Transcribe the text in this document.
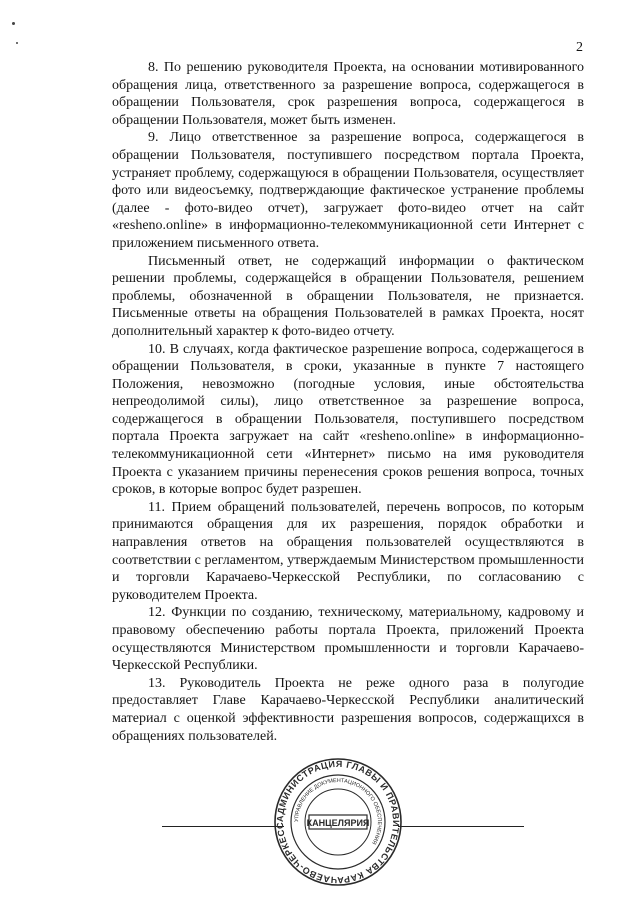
2

8. По решению руководителя Проекта, на основании мотивированного обращения лица, ответственного за разрешение вопроса, содержащегося в обращении Пользователя, срок разрешения вопроса, содержащегося в обращении Пользователя, может быть изменен.

9. Лицо ответственное за разрешение вопроса, содержащегося в обращении Пользователя, поступившего посредством портала Проекта, устраняет проблему, содержащуюся в обращении Пользователя, осуществляет фото или видеосъемку, подтверждающие фактическое устранение проблемы (далее - фото-видео отчет), загружает фото-видео отчет на сайт «resheno.online» в информационно-телекоммуникационной сети Интернет с приложением письменного ответа.

Письменный ответ, не содержащий информации о фактическом решении проблемы, содержащейся в обращении Пользователя, решением проблемы, обозначенной в обращении Пользователя, не признается. Письменные ответы на обращения Пользователей в рамках Проекта, носят дополнительный характер к фото-видео отчету.

10. В случаях, когда фактическое разрешение вопроса, содержащегося в обращении Пользователя, в сроки, указанные в пункте 7 настоящего Положения, невозможно (погодные условия, иные обстоятельства непреодолимой силы), лицо ответственное за разрешение вопроса, содержащегося в обращении Пользователя, поступившего посредством портала Проекта загружает на сайт «resheno.online» в информационно-телекоммуникационной сети «Интернет» письмо на имя руководителя Проекта с указанием причины перенесения сроков решения вопроса, точных сроков, в которые вопрос будет разрешен.

11. Прием обращений пользователей, перечень вопросов, по которым принимаются обращения для их разрешения, порядок обработки и направления ответов на обращения пользователей осуществляются в соответствии с регламентом, утверждаемым Министерством промышленности и торговли Карачаево-Черкесской Республики, по согласованию с руководителем Проекта.

12. Функции по созданию, техническому, материальному, кадровому и правовому обеспечению работы портала Проекта, приложений Проекта осуществляются Министерством промышленности и торговли Карачаево-Черкесской Республики.

13. Руководитель Проекта не реже одного раза в полугодие предоставляет Главе Карачаево-Черкесской Республики аналитический материал с оценкой эффективности разрешения вопросов, содержащихся в обращениях пользователей.

АДМИНИСТРАЦИЯ ГЛАВЫ И ПРАВИТЕЛЬСТВА КАРАЧАЕВО-ЧЕРКЕСС
УПРАВЛЕНИЕ ДОКУМЕНТАЦИОННОГО ОБЕСПЕЧЕНИЯ
КАНЦЕЛЯРИЯ
